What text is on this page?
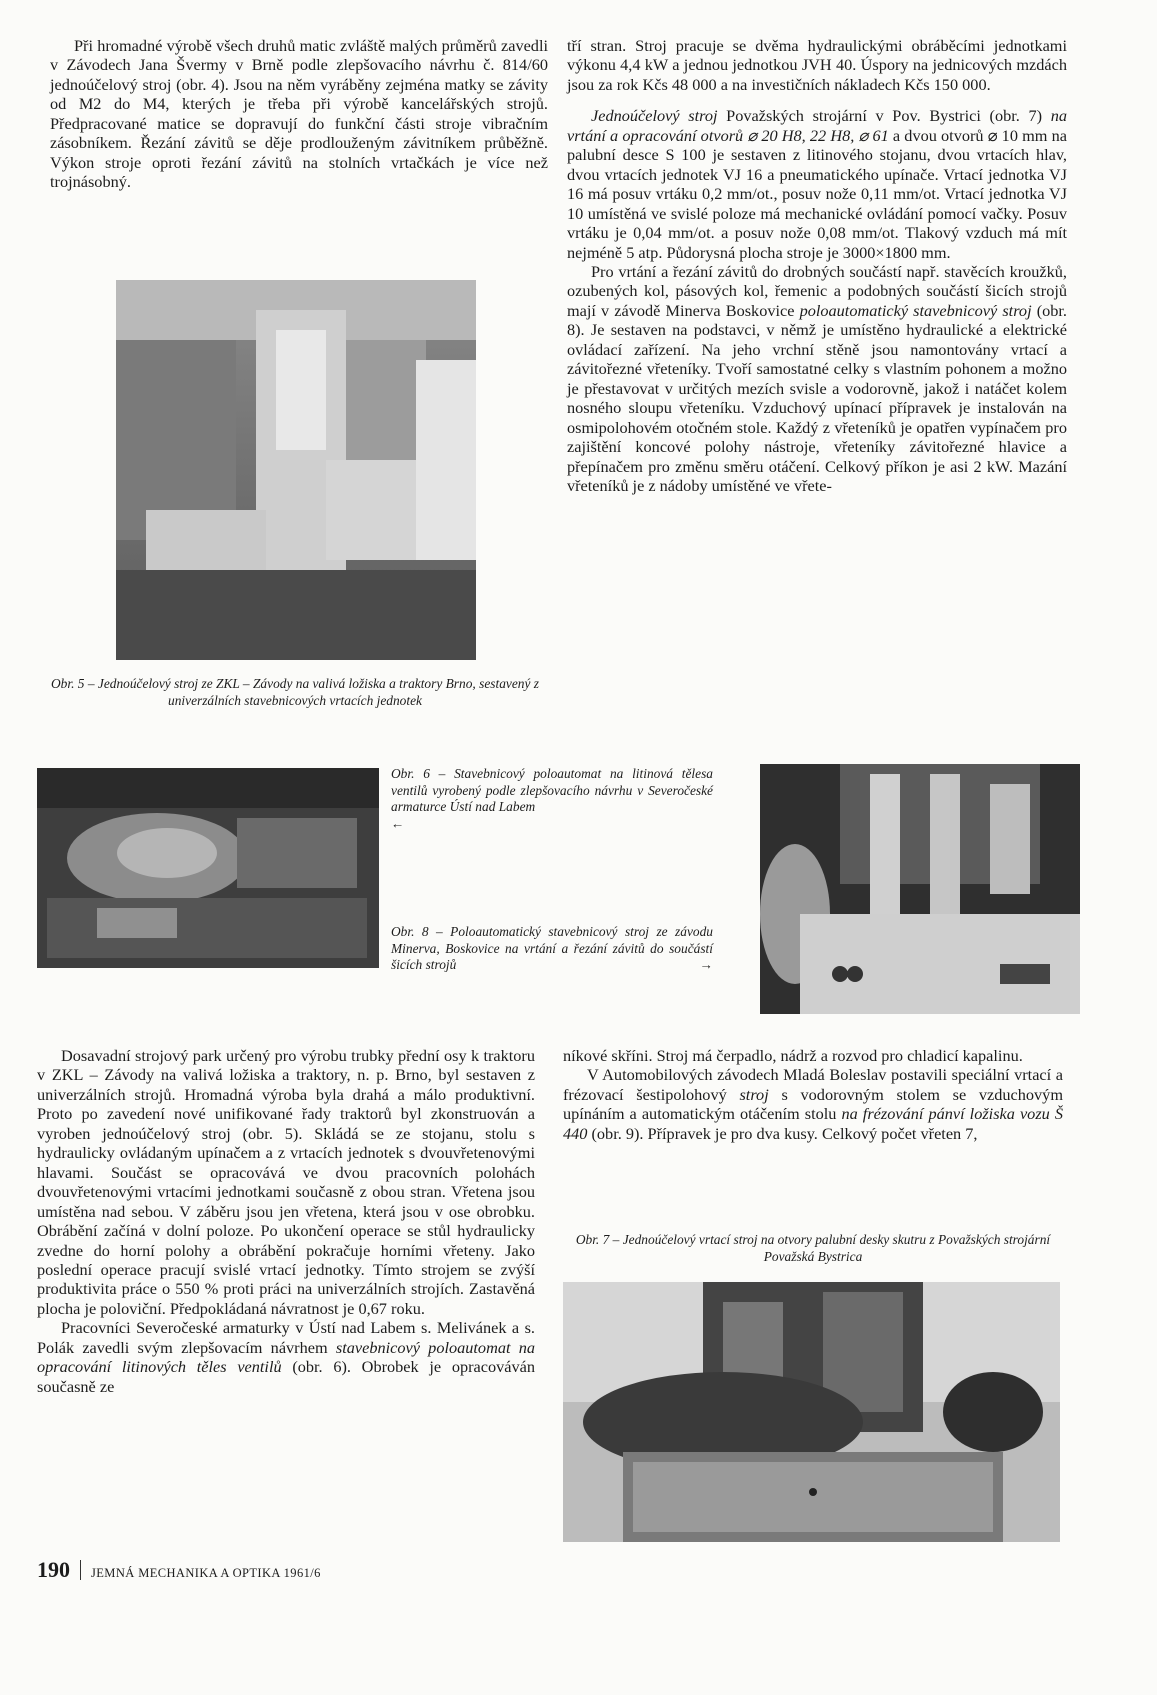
Při hromadné výrobě všech druhů matic zvláště malých průměrů zavedli v Závodech Jana Švermy v Brně podle zlepšovacího návrhu č. 814/60 jednoúčelový stroj (obr. 4). Jsou na něm vyráběny zejména matky se závity od M2 do M4, kterých je třeba při výrobě kancelářských strojů. Předpracované matice se dopravují do funkční části stroje vibračním zásobníkem. Řezání závitů se děje prodlouženým závitníkem průběžně. Výkon stroje oproti řezání závitů na stolních vrtačkách je více než trojnásobný.

Obr. 5 – Jednoúčelový stroj ze ZKL – Závody na valivá ložiska a traktory Brno, sestavený z univerzálních stavebnicových vrtacích jednotek

tří stran. Stroj pracuje se dvěma hydraulickými obráběcími jednotkami výkonu 4,4 kW a jednou jednotkou JVH 40. Úspory na jednicových mzdách jsou za rok Kčs 48 000 a na investičních nákladech Kčs 150 000.

Jednoúčelový stroj Považských strojární v Pov. Bystrici (obr. 7) na vrtání a opracování otvorů ⌀ 20 H8, 22 H8, ⌀ 61 a dvou otvorů ⌀ 10 mm na palubní desce S 100 je sestaven z litinového stojanu, dvou vrtacích hlav, dvou vrtacích jednotek VJ 16 a pneumatického upínače. Vrtací jednotka VJ 16 má posuv vrtáku 0,2 mm/ot., posuv nože 0,11 mm/ot. Vrtací jednotka VJ 10 umístěná ve svislé poloze má mechanické ovládání pomocí vačky. Posuv vrtáku je 0,04 mm/ot. a posuv nože 0,08 mm/ot. Tlakový vzduch má mít nejméně 5 atp. Půdorysná plocha stroje je 3000×1800 mm.

Pro vrtání a řezání závitů do drobných součástí např. stavěcích kroužků, ozubených kol, pásových kol, řemenic a podobných součástí šicích strojů mají v závodě Minerva Boskovice poloautomatický stavebnicový stroj (obr. 8). Je sestaven na podstavci, v němž je umístěno hydraulické a elektrické ovládací zařízení. Na jeho vrchní stěně jsou namontovány vrtací a závitořezné vřeteníky. Tvoří samostatné celky s vlastním pohonem a možno je přestavovat v určitých mezích svisle a vodorovně, jakož i natáčet kolem nosného sloupu vřeteníku. Vzduchový upínací přípravek je instalován na osmipolohovém otočném stole. Každý z vřeteníků je opatřen vypínačem pro zajištění koncové polohy nástroje, vřeteníky závitořezné hlavice a přepínačem pro změnu směru otáčení. Celkový příkon je asi 2 kW. Mazání vřeteníků je z nádoby umístěné ve vřete-

Obr. 6 – Stavebnicový poloautomat na litinová tělesa ventilů vyrobený podle zlepšovacího návrhu v Severočeské armaturce Ústí nad Labem
←
Obr. 8 – Poloautomatický stavebnicový stroj ze závodu Minerva, Boskovice na vrtání a řezání závitů do součástí šicích strojů	→

Dosavadní strojový park určený pro výrobu trubky přední osy k traktoru v ZKL – Závody na valivá ložiska a traktory, n. p. Brno, byl sestaven z univerzálních strojů. Hromadná výroba byla drahá a málo produktivní. Proto po zavedení nové unifikované řady traktorů byl zkonstruován a vyroben jednoúčelový stroj (obr. 5). Skládá se ze stojanu, stolu s hydraulicky ovládaným upínačem a z vrtacích jednotek s dvouvřetenovými hlavami. Součást se opracovává ve dvou pracovních polohách dvouvřetenovými vrtacími jednotkami současně z obou stran. Vřetena jsou umístěna nad sebou. V záběru jsou jen vřetena, která jsou v ose obrobku. Obrábění začíná v dolní poloze. Po ukončení operace se stůl hydraulicky zvedne do horní polohy a obrábění pokračuje horními vřeteny. Jako poslední operace pracují svislé vrtací jednotky. Tímto strojem se zvýší produktivita práce o 550 % proti práci na univerzálních strojích. Zastavěná plocha je poloviční. Předpokládaná návratnost je 0,67 roku.

Pracovníci Severočeské armaturky v Ústí nad Labem s. Melivánek a s. Polák zavedli svým zlepšovacím návrhem stavebnicový poloautomat na opracování litinových těles ventilů (obr. 6). Obrobek je opracováván současně ze

níkové skříni. Stroj má čerpadlo, nádrž a rozvod pro chladicí kapalinu.

V Automobilových závodech Mladá Boleslav postavili speciální vrtací a frézovací šestipolohový stroj s vodorovným stolem se vzduchovým upínáním a automatickým otáčením stolu na frézování pánví ložiska vozu Š 440 (obr. 9). Přípravek je pro dva kusy. Celkový počet vřeten 7,

Obr. 7 – Jednoúčelový vrtací stroj na otvory palubní desky skutru z Považských strojární Považská Bystrica
190 JEMNÁ MECHANIKA A OPTIKA 1961/6
